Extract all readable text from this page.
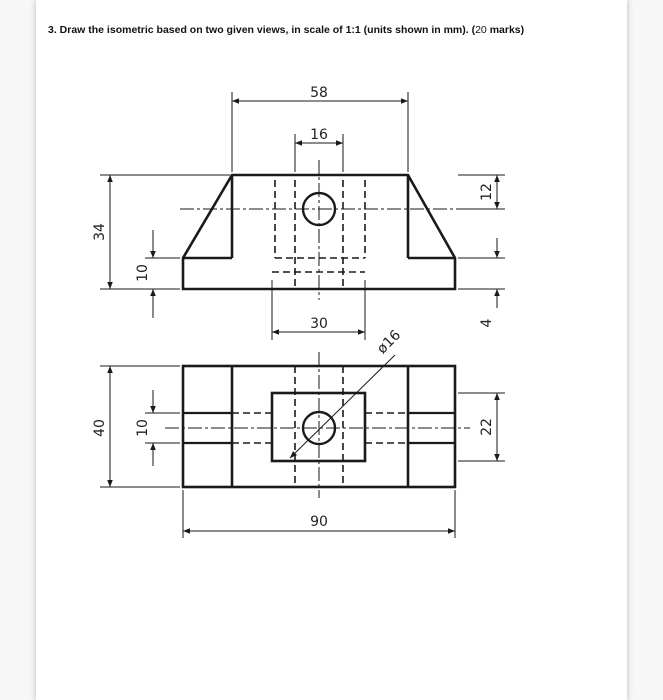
3. Draw the isometric based on two given views, in scale of 1:1 (units shown in mm). (20 marks)
58
16
34
10
12
4
30
ø16
40 10	22
90
